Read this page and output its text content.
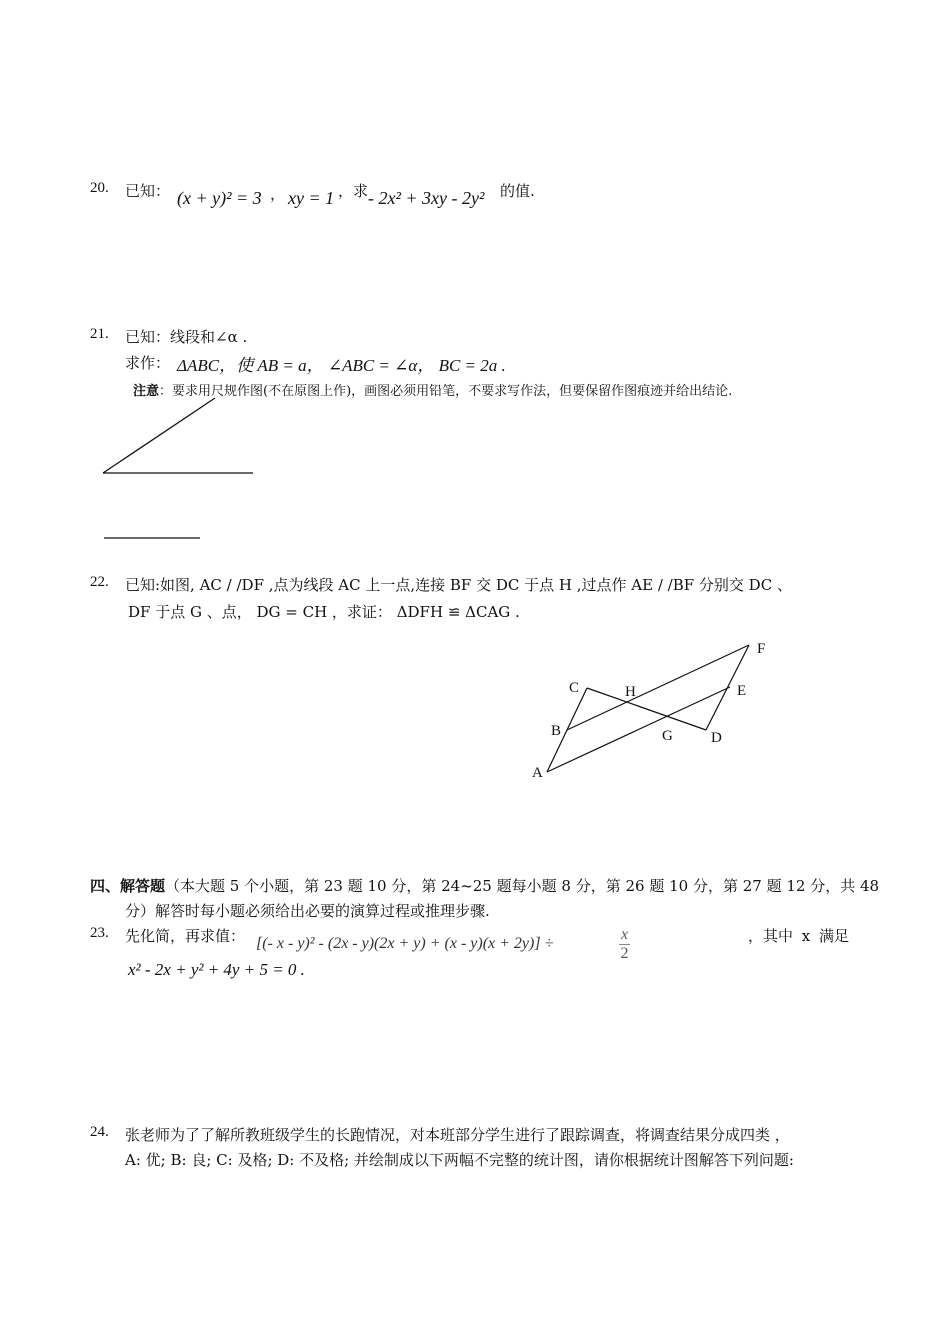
20. 已知： (x + y)² = 3 ， xy = 1 ，求 - 2x² + 3xy - 2y² 的值.
21. 已知：线段和∠α .
求作： ΔABC，使 AB = a， ∠ABC = ∠α， BC = 2a .
注意：要求用尺规作图(不在原图上作)，画图必须用铅笔，不要求写作法，但要保留作图痕迹并给出结论.
F
C	H	E
B	G	D
A
22. 已知:如图, AC / /DF ,点为线段 AC 上一点,连接 BF 交 DC 于点 H ,过点作 AE / /BF 分别交 DC 、
DF 于点 G 、点， DG = CH ，求证： ΔDFH ≌ ΔCAG .
四、解答题（本大题 5 个小题，第 23 题 10 分，第 24~25 题每小题 8 分，第 26 题 10 分，第 27 题 12 分，共 48
分）解答时每小题必须给出必要的演算过程或推理步骤.
23. 先化简，再求值： [(- x - y)² - (2x - y)(2x + y) + (x - y)(x + 2y)] ÷	$\frac{x}{2}$	，其中 x 满足
x² - 2x + y² + 4y + 5 = 0 .
24. 张老师为了了解所教班级学生的长跑情况，对本班部分学生进行了跟踪调查，将调查结果分成四类 ，
A: 优; B: 良; C: 及格; D: 不及格; 并绘制成以下两幅不完整的统计图，请你根据统计图解答下列问题:
